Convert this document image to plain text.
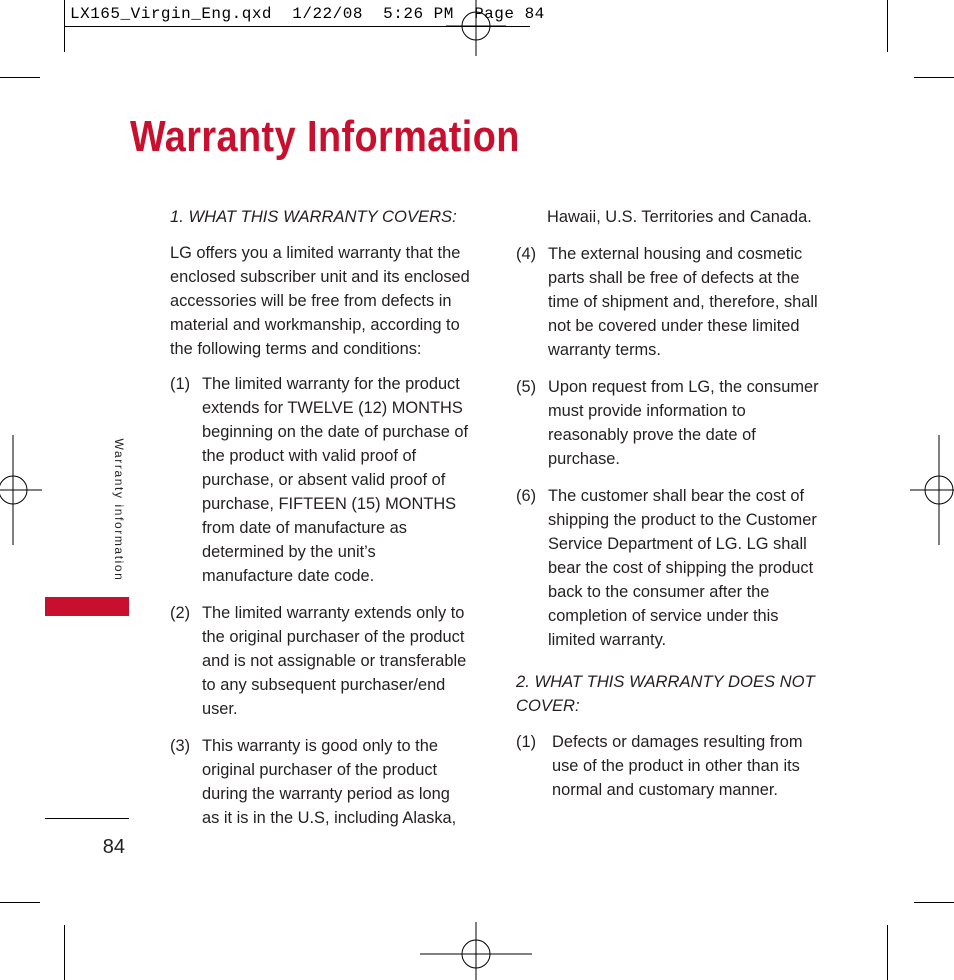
LX165_Virgin_Eng.qxd  1/22/08  5:26 PM  Page 84
Warranty Information
Warranty information
84

1. WHAT THIS WARRANTY COVERS:

LG offers you a limited warranty that the enclosed subscriber unit and its enclosed accessories will be free from defects in material and workmanship, according to the following terms and conditions:

(1) The limited warranty for the product extends for TWELVE (12) MONTHS beginning on the date of purchase of the product with valid proof of purchase, or absent valid proof of purchase, FIFTEEN (15) MONTHS from date of manufacture as determined by the unit’s manufacture date code.
(2) The limited warranty extends only to the original purchaser of the product and is not assignable or transferable to any subsequent purchaser/end user.
(3) This warranty is good only to the original purchaser of the product during the warranty period as long as it is in the U.S, including Alaska,

Hawaii, U.S. Territories and Canada.

(4) The external housing and cosmetic parts shall be free of defects at the time of shipment and, therefore, shall not be covered under these limited warranty terms.
(5) Upon request from LG, the consumer must provide information to reasonably prove the date of purchase.
(6) The customer shall bear the cost of shipping the product to the Customer Service Department of LG. LG shall bear the cost of shipping the product back to the consumer after the completion of service under this limited warranty.

2. WHAT THIS WARRANTY DOES NOT COVER:

(1) Defects or damages resulting from use of the product in other than its normal and customary manner.
